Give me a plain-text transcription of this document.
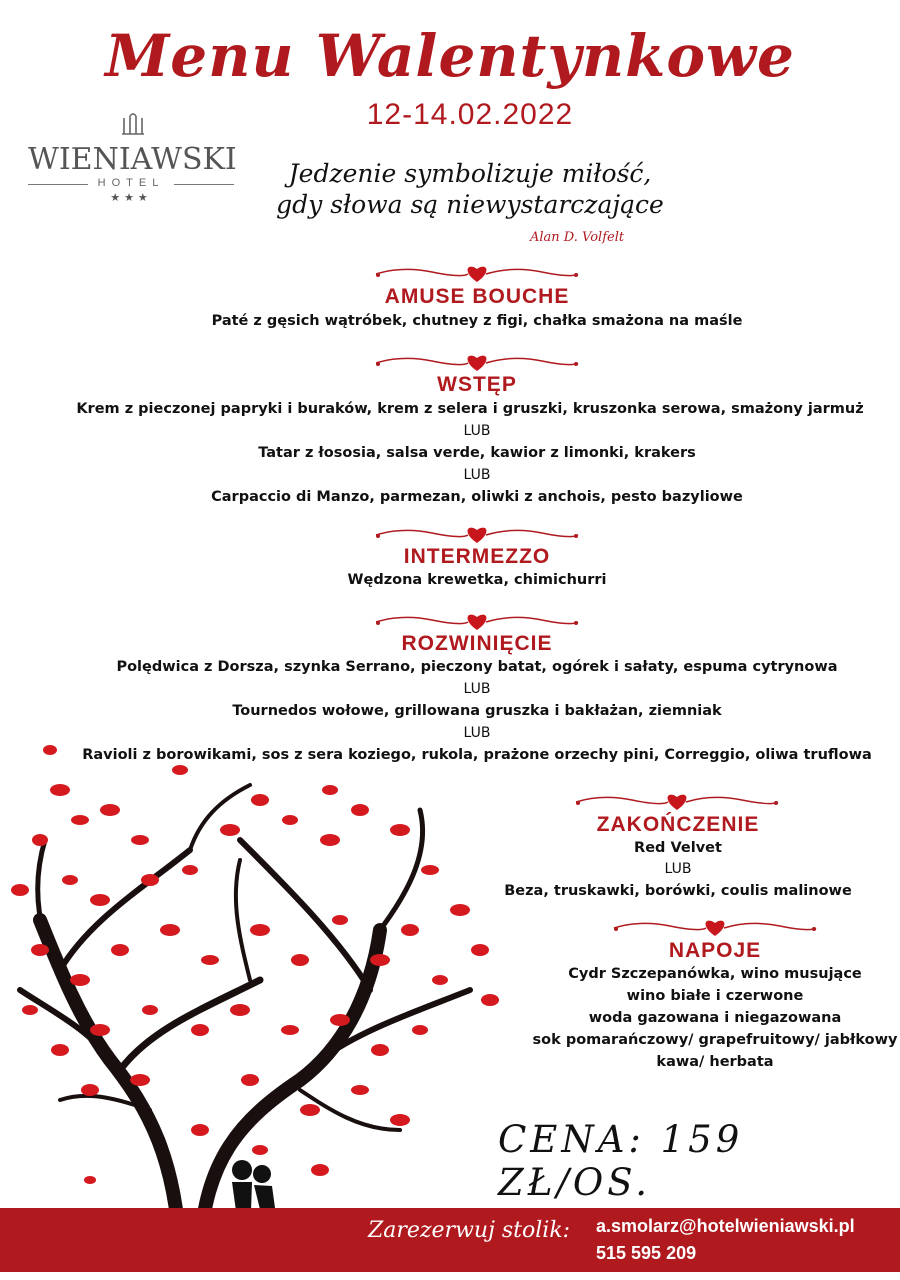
Menu Walentynkowe
12-14.02.2022
WIENIAWSKI
HOTEL
★★★
Jedzenie symbolizuje miłość,
gdy słowa są niewystarczające
Alan D. Volfelt
AMUSE BOUCHE
Paté z gęsich wątróbek, chutney z figi, chałka smażona na maśle
WSTĘP
Krem z pieczonej papryki i buraków, krem z selera i gruszki, kruszonka serowa, smażony jarmuż
LUB
Tatar z łososia, salsa verde, kawior z limonki, krakers
LUB
Carpaccio di Manzo, parmezan, oliwki z anchois, pesto bazyliowe
INTERMEZZO
Wędzona krewetka, chimichurri
ROZWINIĘCIE
Polędwica z Dorsza, szynka Serrano, pieczony batat, ogórek i sałaty, espuma cytrynowa
LUB
Tournedos wołowe, grillowana gruszka i bakłażan, ziemniak
LUB
Ravioli z borowikami, sos z sera koziego, rukola, prażone orzechy pini, Correggio, oliwa truflowa
ZAKOŃCZENIE
Red Velvet
LUB
Beza, truskawki, borówki, coulis malinowe
NAPOJE
Cydr Szczepanówka, wino musujące
wino białe i czerwone
woda gazowana i niegazowana
sok pomarańczowy/ grapefruitowy/ jabłkowy
kawa/ herbata
CENA: 159 ZŁ/OS.
Zarezerwuj stolik: a.smolarz@hotelwieniawski.pl
515 595 209
